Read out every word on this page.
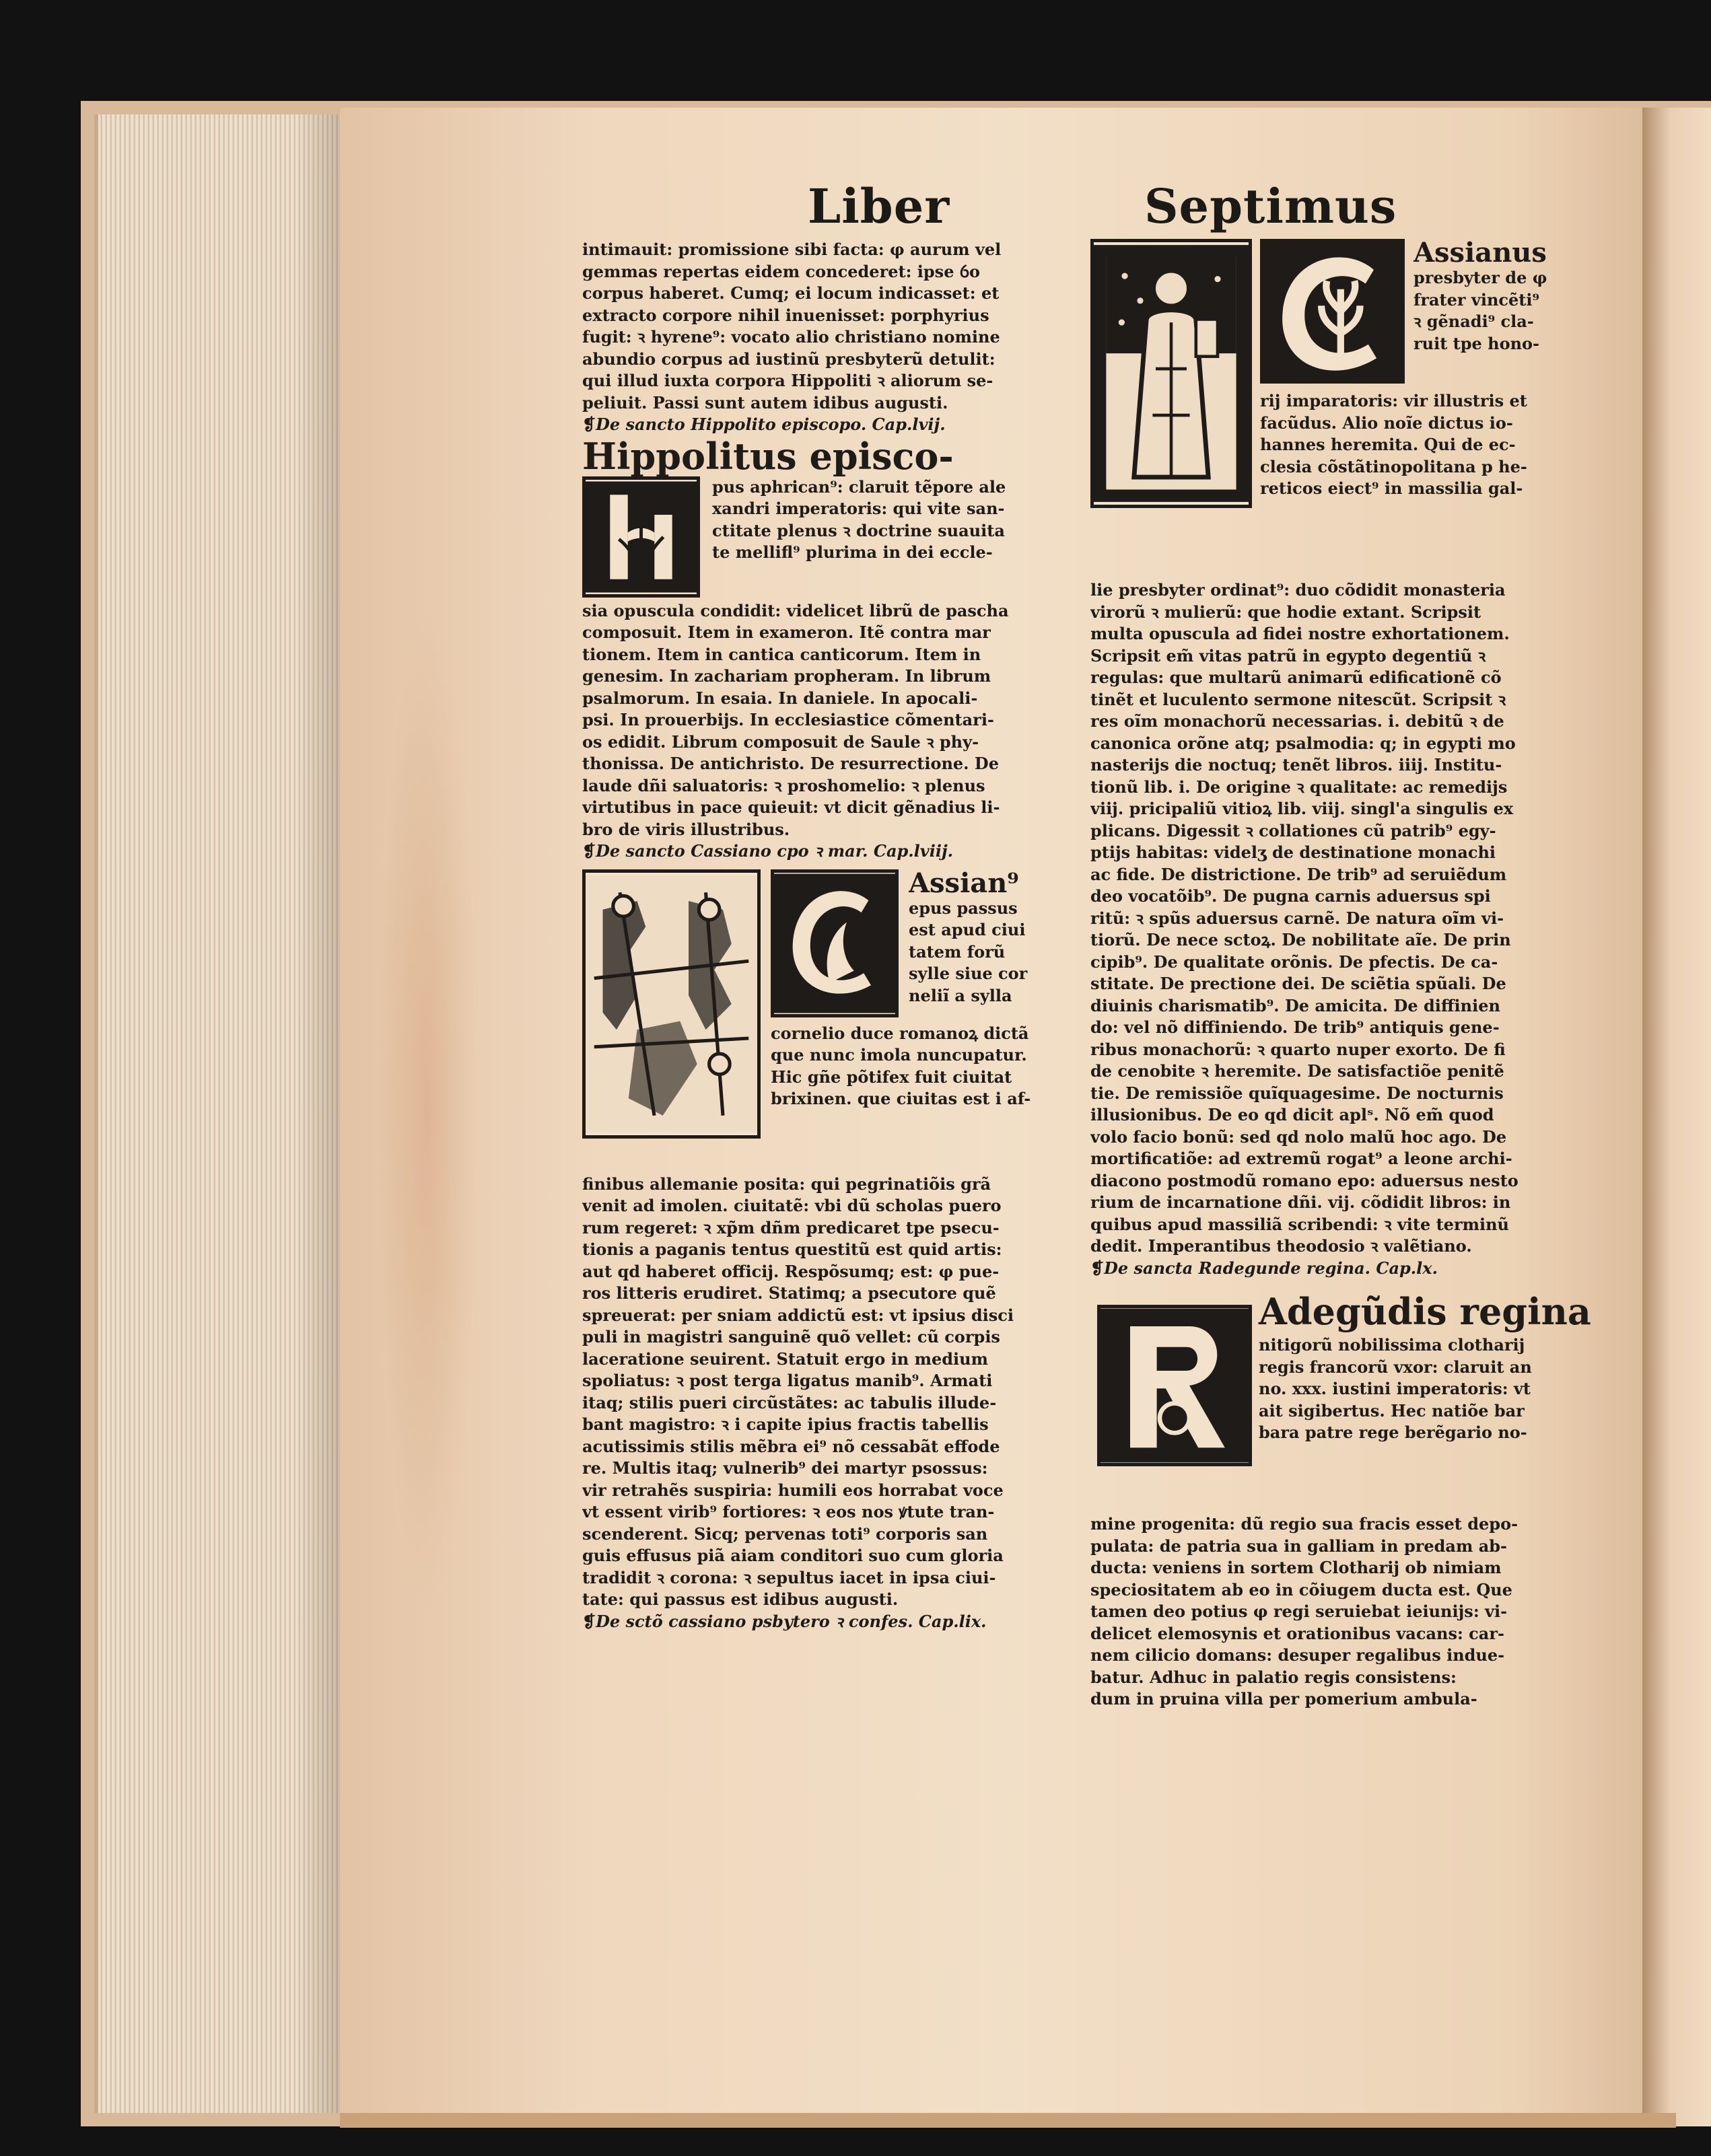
Liber	Septimus
intimauit: promissione sibi facta: φ aurum vel
gemmas repertas eidem concederet: ipse ỽo
corpus haberet. Cumq; ei locum indicasset: et
extracto corpore nihil inuenisset: porphyrius
fugit: ꝛ hyrene⁹: vocato alio christiano nomine
abundio corpus ad iustinũ presbyterũ detulit:
qui illud iuxta corpora Hippoliti ꝛ aliorum se-
peliuit. Passi sunt autem idibus augusti.
❡De sancto Hippolito episcopo. Cap.lvij.
Hippolitus episco-
pus aphrican⁹: claruit tẽpore ale
xandri imperatoris: qui vite san-
ctitate plenus ꝛ doctrine suauita
te mellifl⁹ plurima in dei eccle-
sia opuscula condidit: videlicet librũ de pascha
composuit. Item in exameron. Itẽ contra mar
tionem. Item in cantica canticorum. Item in
genesim. In zachariam propheram. In librum
psalmorum. In esaia. In daniele. In apocali-
psi. In prouerbijs. In ecclesiastice cõmentari-
os edidit. Librum composuit de Saule ꝛ phy-
thonissa. De antichristo. De resurrectione. De
laude dñi saluatoris: ꝛ proshomelio: ꝛ plenus
virtutibus in pace quieuit: vt dicit gẽnadius li-
bro de viris illustribus.
❡De sancto Cassiano cpo ꝛ mar. Cap.lviij.
Assian⁹
epus passus
est apud ciui
tatem forũ
sylle siue cor
neliĩ a sylla
cornelio duce romanoꝝ dictã
que nunc imola nuncupatur.
Hic gñe põtifex fuit ciuitat
brixinen. que ciuitas est i af-
finibus allemanie posita: qui pegrinatiõis grã
venit ad imolen. ciuitatẽ: vbi dũ scholas puero
rum regeret: ꝛ xp̃m dñm predicaret tpe psecu-
tionis a paganis tentus questitũ est quid artis:
aut qd haberet officij. Respõsumq; est: φ pue-
ros litteris erudiret. Statimq; a psecutore quẽ
spreuerat: per sniam addictũ est: vt ipsius disci
puli in magistri sanguinẽ quõ vellet: cũ corpis
laceratione seuirent. Statuit ergo in medium
spoliatus: ꝛ post terga ligatus manib⁹. Armati
itaq; stilis pueri circũstãtes: ac tabulis illude-
bant magistro: ꝛ i capite ipius fractis tabellis
acutissimis stilis mẽbra ei⁹ nõ cessabãt effode
re. Multis itaq; vulnerib⁹ dei martyr psossus:
vir retrahẽs suspiria: humili eos horrabat voce
vt essent virib⁹ fortiores: ꝛ eos nos ꝟtute tran-
scenderent. Sicq; pervenas toti⁹ corporis san
guis effusus piã aiam conditori suo cum gloria
tradidit ꝛ corona: ꝛ sepultus iacet in ipsa ciui-
tate: qui passus est idibus augusti.
❡De sctõ cassiano psbytero ꝛ confes. Cap.lix.
Assianus
presbyter de φ
frater vincẽti⁹
ꝛ gẽnadi⁹ cla-
ruit tpe hono-
rij imparatoris: vir illustris et
facũdus. Alio noĩe dictus io-
hannes heremita. Qui de ec-
clesia cõstãtinopolitana p he-
reticos eiect⁹ in massilia gal-
lie presbyter ordinat⁹: duo cõdidit monasteria
virorũ ꝛ mulierũ: que hodie extant. Scripsit
multa opuscula ad fidei nostre exhortationem.
Scripsit em̃ vitas patrũ in egypto degentiũ ꝛ
regulas: que multarũ animarũ edificationẽ cõ
tinẽt et luculento sermone nitescũt. Scripsit ꝛ
res oĩm monachorũ necessarias. i. debitũ ꝛ de
canonica orõne atq; psalmodia: q; in egypti mo
nasterijs die noctuq; tenẽt libros. iiij. Institu-
tionũ lib. i. De origine ꝛ qualitate: ac remedijs
viij. pricipaliũ vitioꝝ lib. viij. singl'a singulis ex
plicans. Digessit ꝛ collationes cũ patrib⁹ egy-
ptijs habitas: videlʒ de destinatione monachi
ac fide. De districtione. De trib⁹ ad seruiẽdum
deo vocatõib⁹. De pugna carnis aduersus spi
ritũ: ꝛ spũs aduersus carnẽ. De natura oĩm vi-
tiorũ. De nece sctoꝝ. De nobilitate aĩe. De prin
cipib⁹. De qualitate orõnis. De pfectis. De ca-
stitate. De prectione dei. De sciẽtia spũali. De
diuinis charismatib⁹. De amicita. De diffinien
do: vel nõ diffiniendo. De trib⁹ antiquis gene-
ribus monachorũ: ꝛ quarto nuper exorto. De fi
de cenobite ꝛ heremite. De satisfactiõe penitẽ
tie. De remissiõe quĩquagesime. De nocturnis
illusionibus. De eo qd dicit aplˢ. Nõ em̃ quod
volo facio bonũ: sed qd nolo malũ hoc ago. De
mortificatiõe: ad extremũ rogat⁹ a leone archi-
diacono postmodũ romano epo: aduersus nesto
rium de incarnatione dñi. vij. cõdidit libros: in
quibus apud massiliã scribendi: ꝛ vite terminũ
dedit. Imperantibus theodosio ꝛ valẽtiano.
❡De sancta Radegunde regina. Cap.lx.
Adegũdis regina
nitigorũ nobilissima clotharij
regis francorũ vxor: claruit an
no. xxx. iustini imperatoris: vt
ait sigibertus. Hec natiõe bar
bara patre rege berẽgario no-
mine progenita: dũ regio sua fracis esset depo-
pulata: de patria sua in galliam in predam ab-
ducta: veniens in sortem Clotharij ob nimiam
speciositatem ab eo in cõiugem ducta est. Que
tamen deo potius φ regi seruiebat ieiunijs: vi-
delicet elemosynis et orationibus vacans: car-
nem cilicio domans: desuper regalibus indue-
batur. Adhuc in palatio regis consistens:
dum in pruina villa per pomerium ambula-
